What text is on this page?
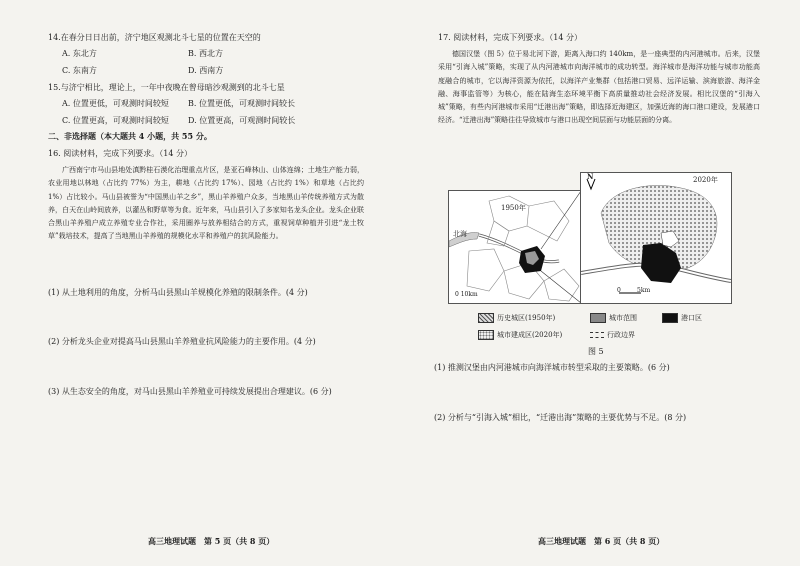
14.在春分日日出前，济宁地区观测北斗七星的位置在天空的
A. 东北方	B. 西北方
C. 东南方	D. 西南方
15.与济宁相比，理论上，一年中夜晚在曾母暗沙观测到的北斗七星
A. 位置更低，可观测时间较短 B. 位置更低，可观测时间较长
C. 位置更高，可观测时间较短 D. 位置更高，可观测时间较长
二、非选择题（本大题共 4 小题，共 55 分。
16. 阅读材料，完成下列要求。（14 分）
广西南宁市马山县地处滇黔桂石漠化治理重点片区，是亚石峰林山、山体连绵；土地生产能力弱，农业用地以林地（占比约 77%）为主，耕地（占比约 17%）、园地（占比约 1%）和草地（占比约 1%）占比较小。马山县被誉为“中国黑山羊之乡”，黑山羊养殖户众多，当地黑山羊传统养殖方式为散养，白天在山岭间放养，以灌丛和野草等为食。近年来，马山县引入了多家知名龙头企业。龙头企业联合黑山羊养殖户成立养殖专业合作社，采用圈养与放养相结合的方式，重视饲草种植并引进“龙土牧草”栽培技术，提高了当地黑山羊养殖的规模化水平和养殖户的抗风险能力。
(1) 从土地利用的角度，分析马山县黑山羊规模化养殖的限制条件。(4 分)
(2) 分析龙头企业对提高马山县黑山羊养殖业抗风险能力的主要作用。(4 分)
(3) 从生态安全的角度，对马山县黑山羊养殖业可持续发展提出合理建议。(6 分)
高三地理试题　第 5 页（共 8 页）
17. 阅读材料，完成下列要求。（14 分）
德国汉堡（图 5）位于易北河下游，距离入海口约 140km，是一座典型的内河港城市。后来，汉堡采用“引海入城”策略，实现了从内河港城市向海洋城市的成功转型。海洋城市是海洋功能与城市功能高度融合的城市，它以海洋资源为依托，以海洋产业集群（包括港口贸易、远洋运输、滨海旅游、海洋金融、海事监管等）为核心，能在陆海生态环境平衡下高质量推动社会经济发展。相比汉堡的“引海入城”策略，有些内河港城市采用“迁港出海”策略，即选择近海建区，加强近海的海口港口建设，发展港口经济。“迁港出海”策略往往导致城市与港口出现空间层面与功能层面的分离。
1950年
北海
0 10km
N	2020年
0	5km
历史城区(1950年)	城市范围	港口区
城市建成区(2020年)	行政边界
图 5
(1) 推测汉堡由内河港城市向海洋城市转型采取的主要策略。(6 分)
(2) 分析与“引海入城”相比，“迁港出海”策略的主要优势与不足。(8 分)
高三地理试题　第 6 页（共 8 页）
